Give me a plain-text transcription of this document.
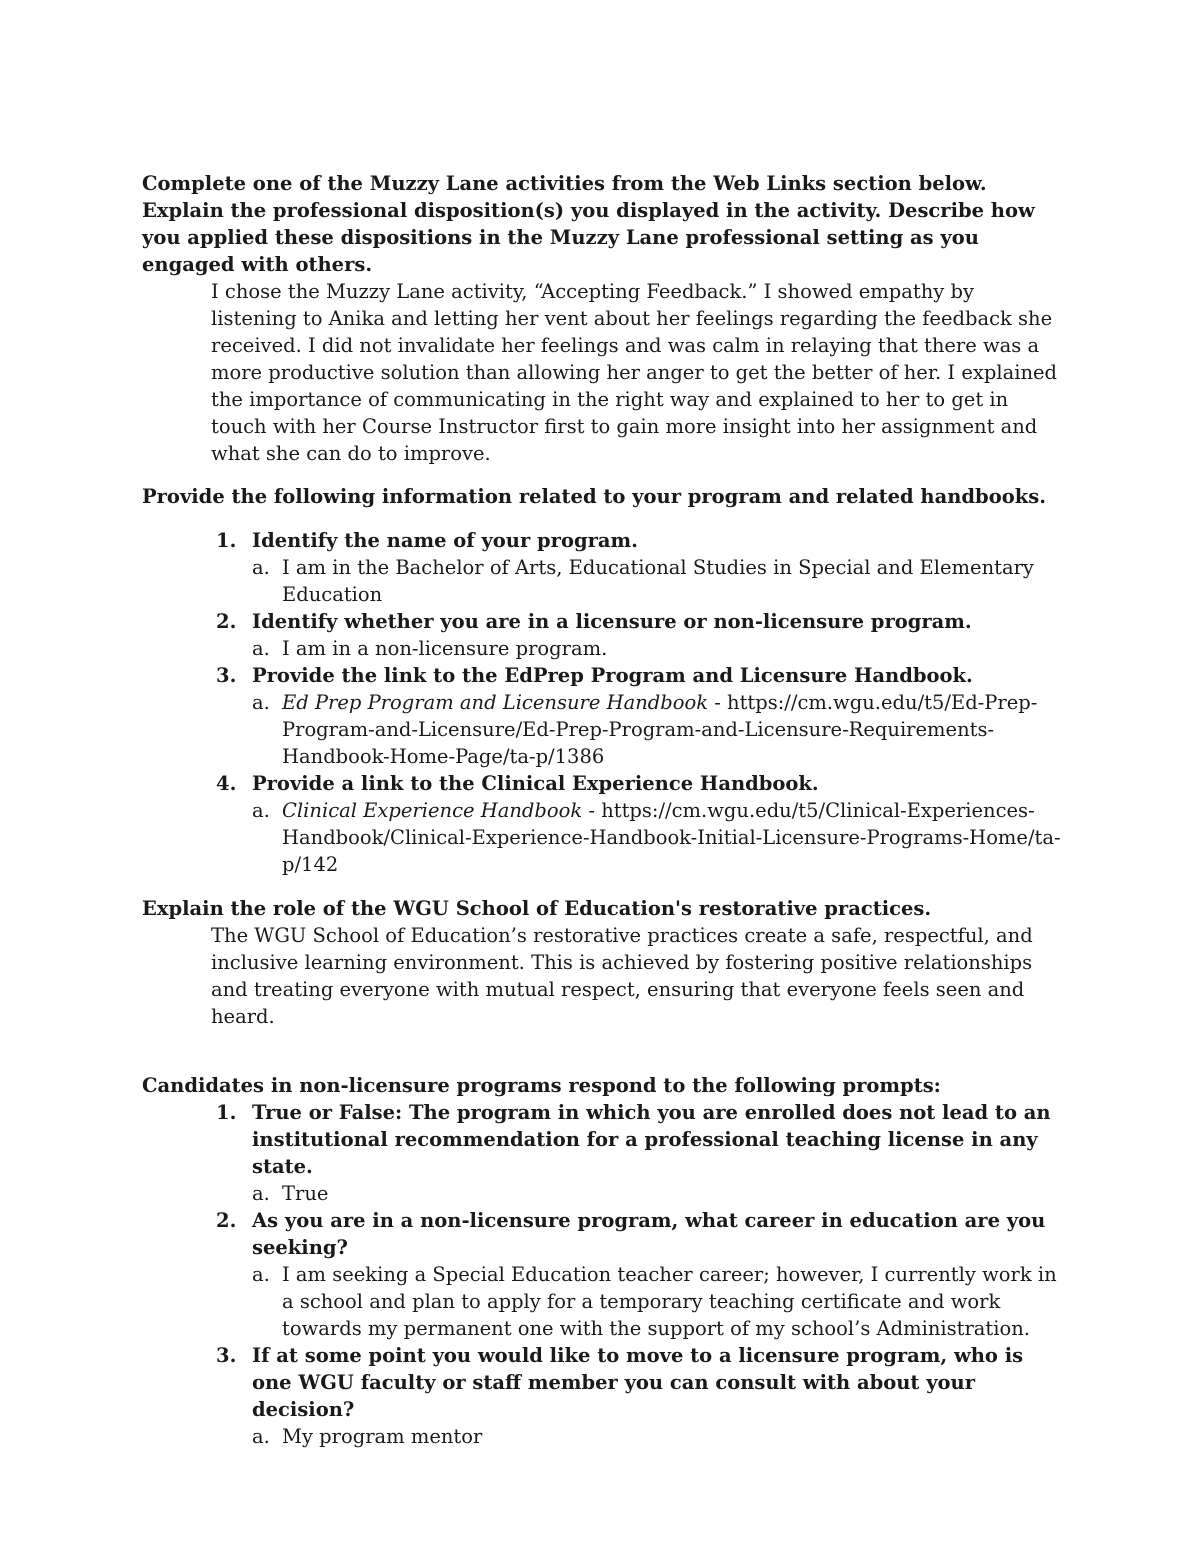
Complete one of the Muzzy Lane activities from the Web Links section below. Explain the professional disposition(s) you displayed in the activity. Describe how you applied these dispositions in the Muzzy Lane professional setting as you engaged with others.

I chose the Muzzy Lane activity, “Accepting Feedback.” I showed empathy by listening to Anika and letting her vent about her feelings regarding the feedback she received. I did not invalidate her feelings and was calm in relaying that there was a more productive solution than allowing her anger to get the better of her. I explained the importance of communicating in the right way and explained to her to get in touch with her Course Instructor first to gain more insight into her assignment and what she can do to improve.

Provide the following information related to your program and related handbooks.

1. Identify the name of your program.
a. I am in the Bachelor of Arts, Educational Studies in Special and Elementary Education
2. Identify whether you are in a licensure or non-licensure program.
a. I am in a non-licensure program.
3. Provide the link to the EdPrep Program and Licensure Handbook.
a. Ed Prep Program and Licensure Handbook - https://cm.wgu.edu/t5/Ed-Prep-Program-and-Licensure/Ed-Prep-Program-and-Licensure-Requirements-Handbook-Home-Page/ta-p/1386
4. Provide a link to the Clinical Experience Handbook.
a. Clinical Experience Handbook - https://cm.wgu.edu/t5/Clinical-Experiences-Handbook/Clinical-Experience-Handbook-Initial-Licensure-Programs-Home/ta-p/142

Explain the role of the WGU School of Education's restorative practices.

The WGU School of Education’s restorative practices create a safe, respectful, and inclusive learning environment. This is achieved by fostering positive relationships and treating everyone with mutual respect, ensuring that everyone feels seen and heard.

Candidates in non-licensure programs respond to the following prompts:

1. True or False: The program in which you are enrolled does not lead to an institutional recommendation for a professional teaching license in any state.
a. True
2. As you are in a non-licensure program, what career in education are you seeking?
a. I am seeking a Special Education teacher career; however, I currently work in a school and plan to apply for a temporary teaching certificate and work towards my permanent one with the support of my school’s Administration.
3. If at some point you would like to move to a licensure program, who is one WGU faculty or staff member you can consult with about your decision?
a. My program mentor
